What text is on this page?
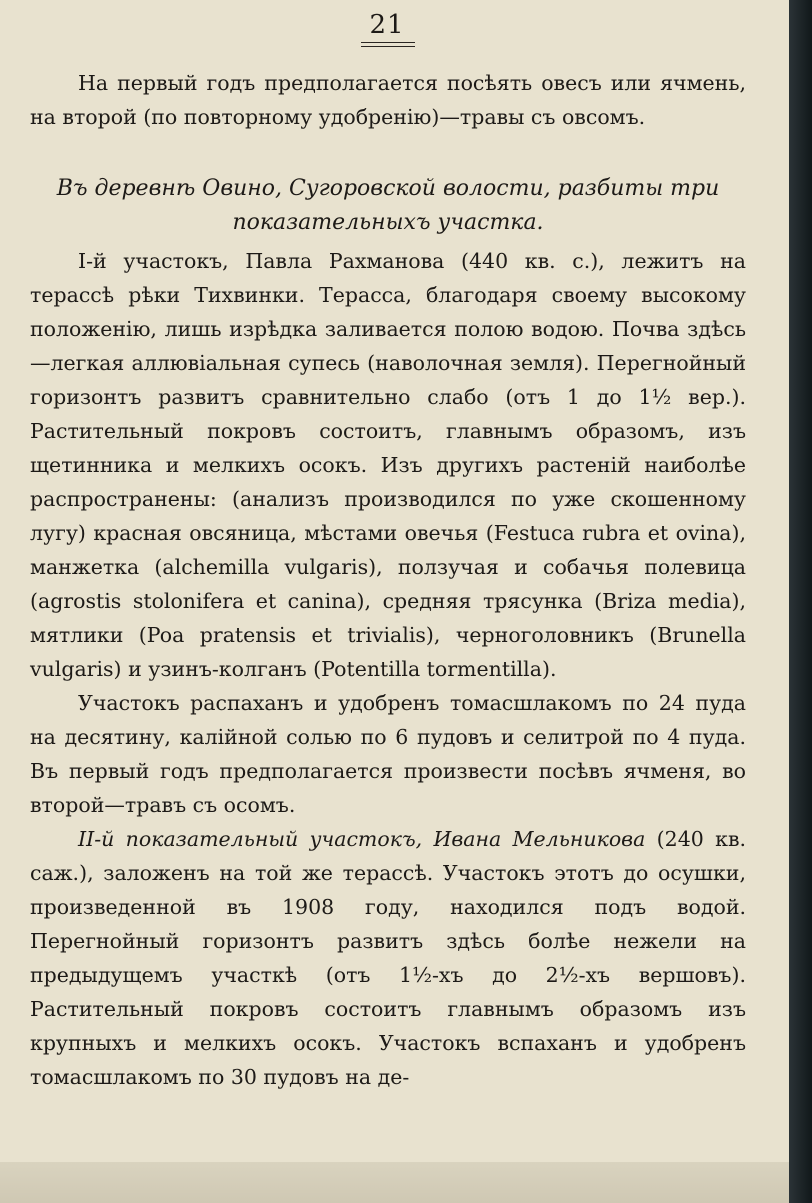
21

На первый годъ предполагается посѣять овесъ или ячмень, на второй (по повторному удобренію)—травы съ овсомъ.

Въ деревнѣ Овино, Сугоровской волости, разбиты три показательныхъ участка.

I-й участокъ, Павла Рахманова (440 кв. с.), лежитъ на терассѣ рѣки Тихвинки. Терасса, благодаря своему высокому положенію, лишь изрѣдка заливается полою водою. Почва здѣсь—легкая аллювіальная супесь (наволочная земля). Перегнойный горизонтъ развитъ сравнительно слабо (отъ 1 до 1½ вер.). Растительный покровъ состоитъ, главнымъ образомъ, изъ щетинника и мелкихъ осокъ. Изъ другихъ растеній наиболѣе распространены: (анализъ производился по уже скошенному лугу) красная овсяница, мѣстами овечья (Festuca rubra et ovina), манжетка (alchemilla vulgaris), ползучая и собачья полевица (agrostis stolonifera et canina), средняя трясунка (Briza media), мятлики (Poa pratensis et trivialis), черноголовникъ (Brunella vulgaris) и узинъ-колганъ (Potentilla tormentilla).

Участокъ распаханъ и удобренъ томасшлакомъ по 24 пуда на десятину, калійной солью по 6 пудовъ и селитрой по 4 пуда. Въ первый годъ предполагается произвести посѣвъ ячменя, во второй—травъ съ осомъ.

II-й показательный участокъ, Ивана Мельникова (240 кв. саж.), заложенъ на той же терассѣ. Участокъ этотъ до осушки, произведенной въ 1908 году, находился подъ водой. Перегнойный горизонтъ развитъ здѣсь болѣе нежели на предыдущемъ участкѣ (отъ 1½-хъ до 2½-хъ вершовъ). Растительный покровъ состоитъ главнымъ образомъ изъ крупныхъ и мелкихъ осокъ. Участокъ вспаханъ и удобренъ томасшлакомъ по 30 пудовъ на де-
